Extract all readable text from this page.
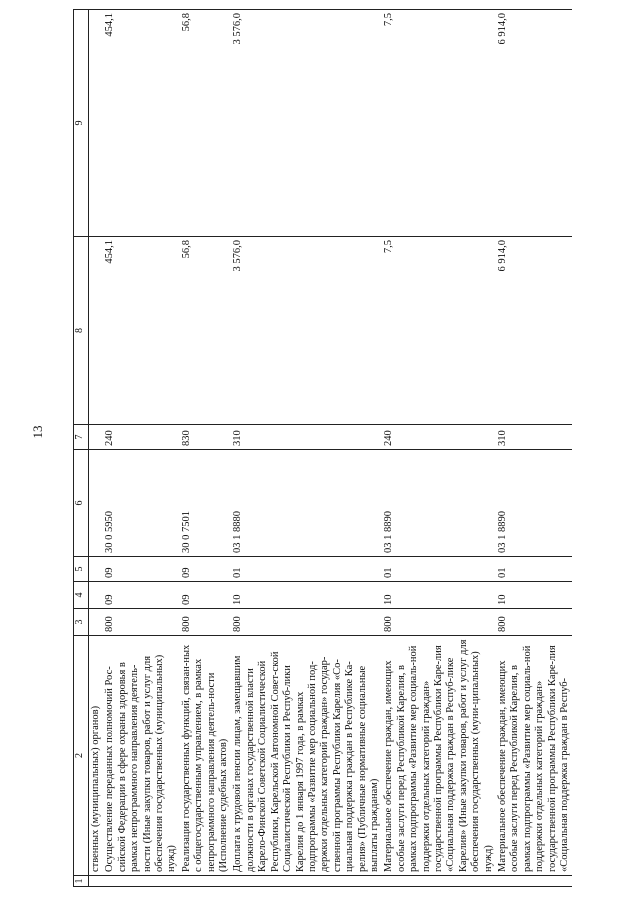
13
1	2	3	4	5	6	7	8	9
	ственных (муниципальных) органов)							
	Осуществление переданных полномочий Рос-сийской Федерации в сфере охраны здоровья в рамках непрограммного направления деятель-ности (Иные закупки товаров, работ и услуг для обеспечения государственных (муниципальных) нужд)	800	09	09	30 0 5950	240	454,1	454,1
	Реализация государственных функций, связан-ных с общегосударственным управлением, в рамках непрограммного направления деятель-ности (Исполнение судебных актов)	800	09	09	30 0 7501	830	56,8	56,8
	Доплата к трудовой пенсии лицам, замещавшим должности в органах государственной власти Карело-Финской Советской Социалистической Республики, Карельской Автономной Совет-ской Социалистической Республики и Респуб-лики Карелия до 1 января 1997 года, в рамках подпрограммы «Развитие мер социальной под-держки отдельных категорий граждан» государ-ственной программы Республики Карелия «Со-циальная поддержка граждан в Республике Ка-релия» (Публичные нормативные социальные выплаты гражданам)	800	10	01	03 1 8880	310	3 576,0	3 576,0
	Материальное обеспечение граждан, имеющих особые заслуги перед Республикой Карелия, в рамках подпрограммы «Развитие мер социаль-ной поддержки отдельных категорий граждан» государственной программы Республики Каре-лия «Социальная поддержка граждан в Респуб-лике Карелия» (Иные закупки товаров, работ и услуг для обеспечения государственных (муни-ципальных) нужд)	800	10	01	03 1 8890	240	7,5	7,5
	Материальное обеспечение граждан, имеющих особые заслуги перед Республикой Карелия, в рамках подпрограммы «Развитие мер социаль-ной поддержки отдельных категорий граждан» государственной программы Республики Каре-лия «Социальная поддержка граждан в Респуб-	800	10	01	03 1 8890	310	6 914,0	6 914,0
